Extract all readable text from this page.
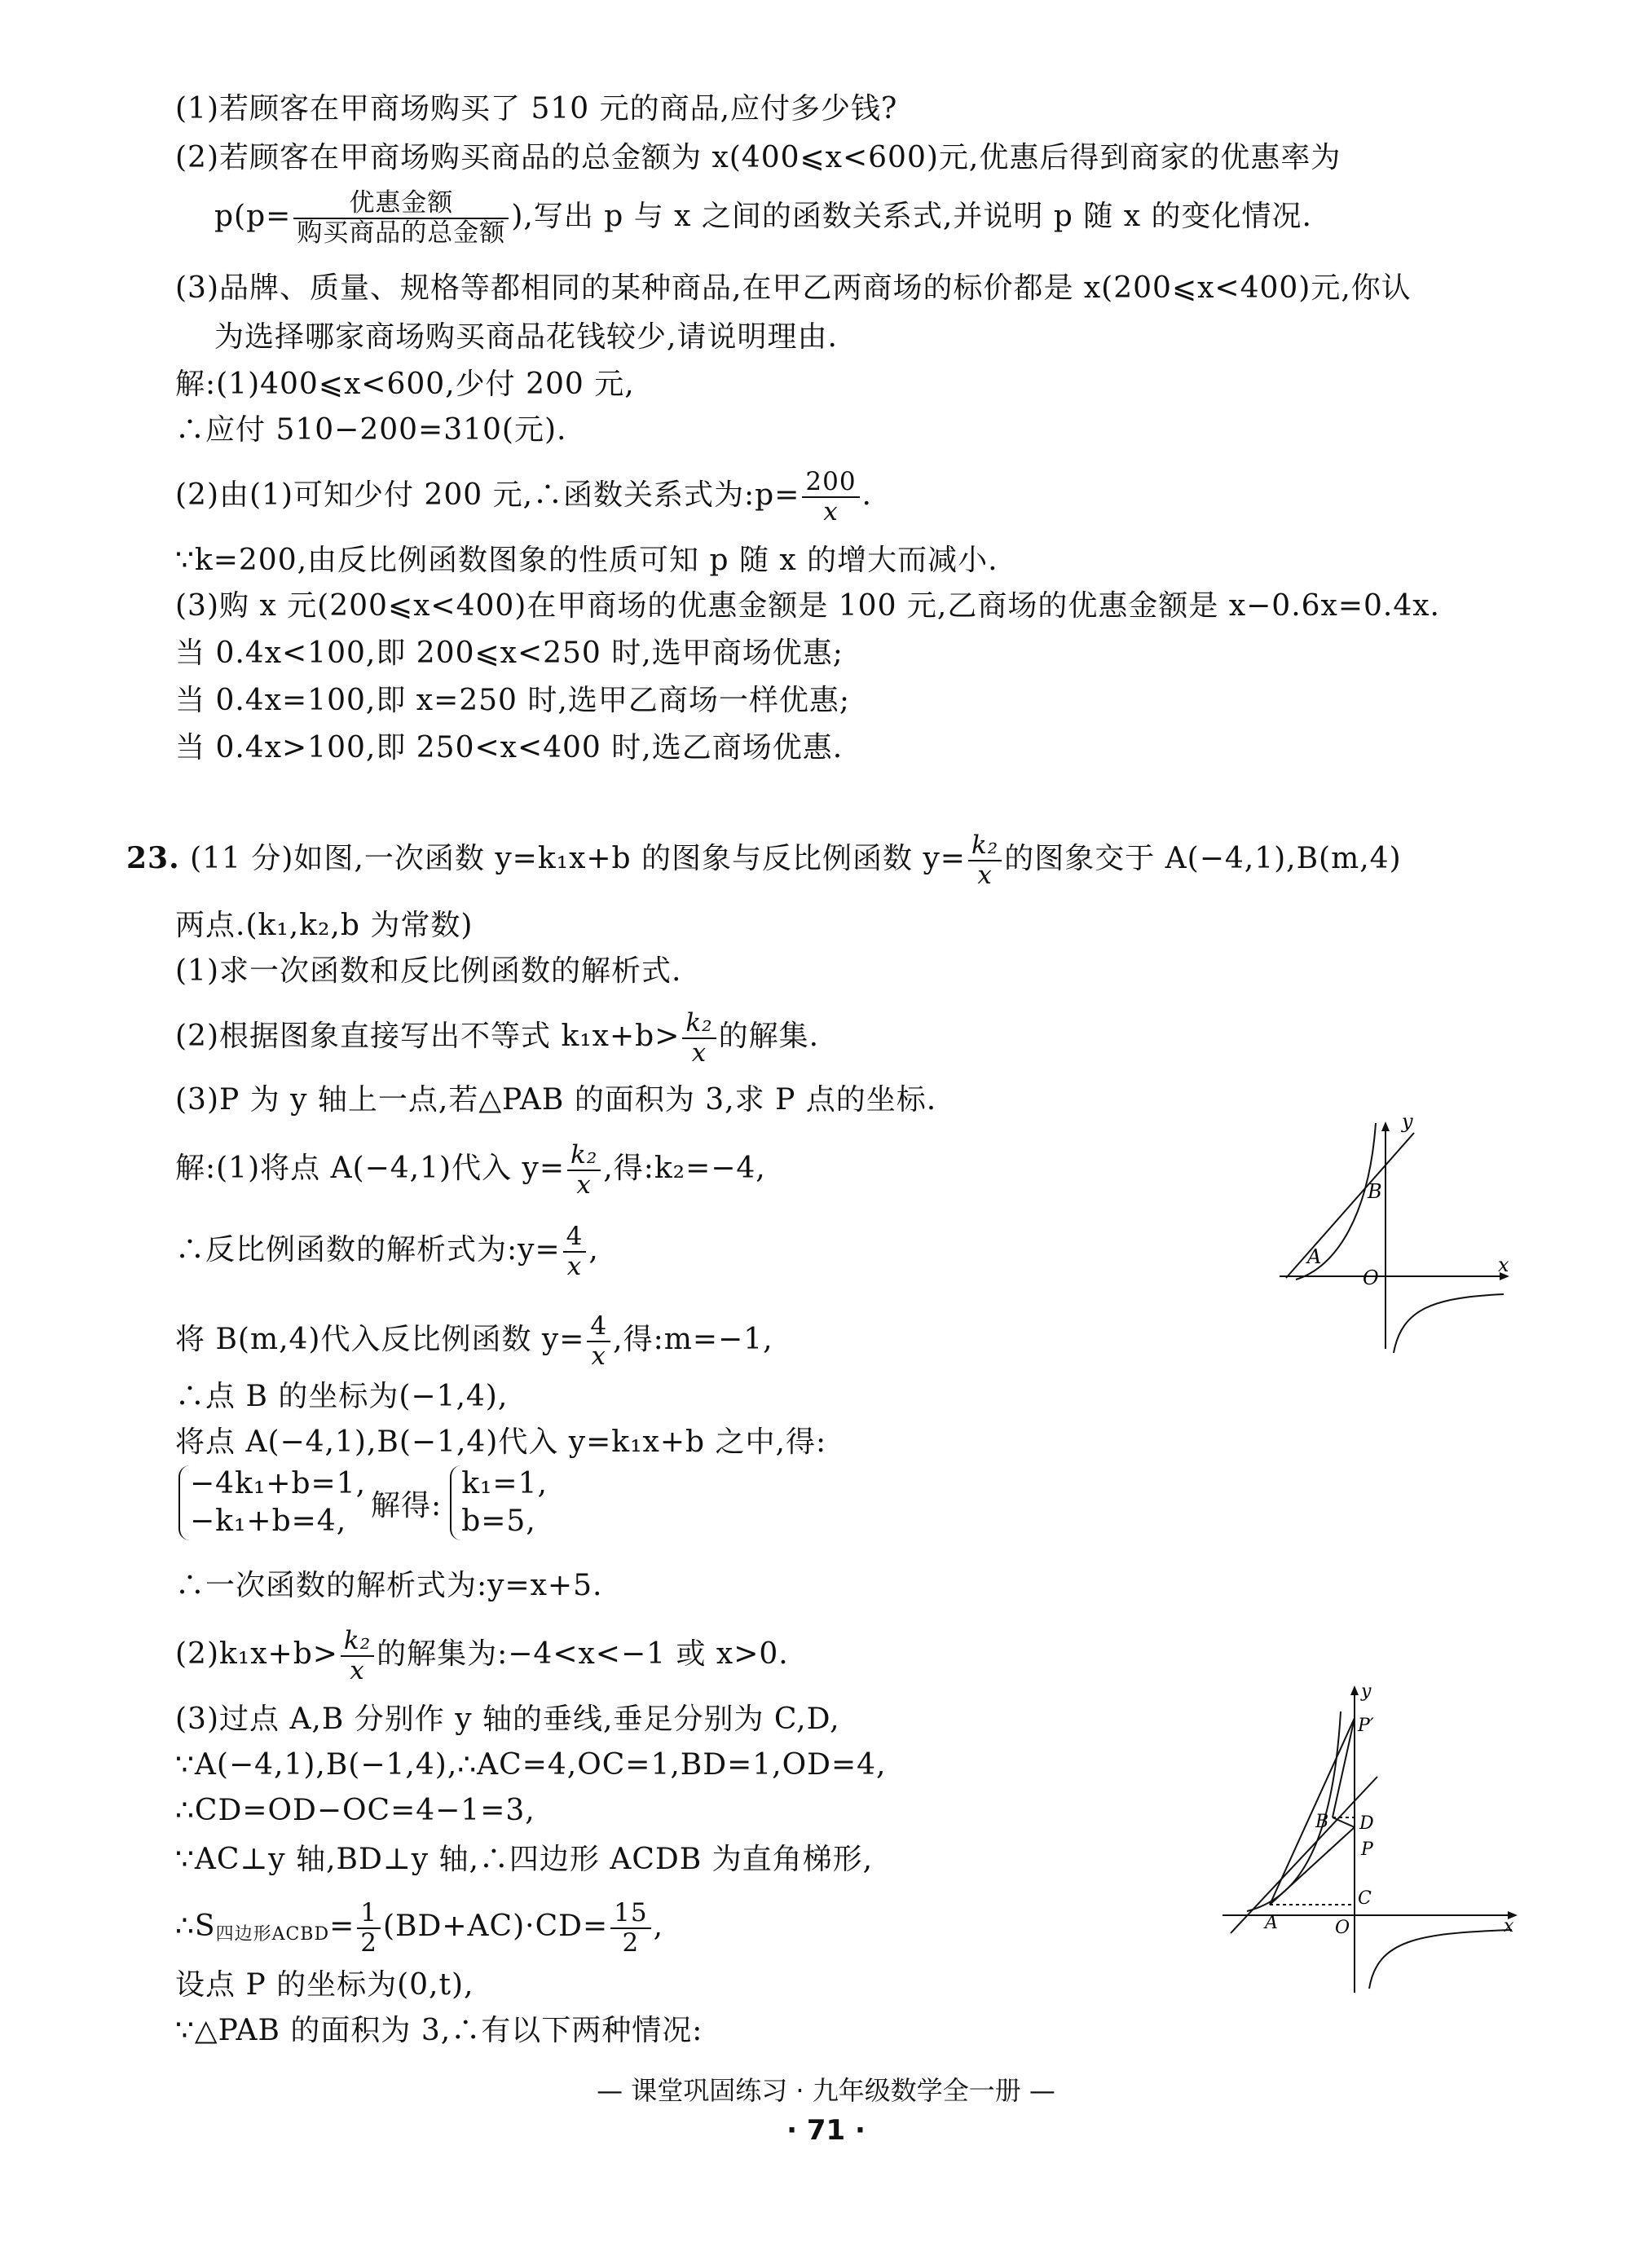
(1)若顾客在甲商场购买了 510 元的商品,应付多少钱?
(2)若顾客在甲商场购买商品的总金额为 x(400⩽x<600)元,优惠后得到商家的优惠率为
$p(p= \frac{\text{优惠金额}}{\text{购买商品的总金额}}$ ),写出 p 与 x 之间的函数关系式,并说明 p 随 x 的变化情况.
(3)品牌、质量、规格等都相同的某种商品,在甲乙两商场的标价都是 x(200⩽x<400)元,你认
为选择哪家商场购买商品花钱较少,请说明理由.
解:(1)400⩽x<600,少付 200 元,
∴应付 510−200=310(元).
(2)由(1)可知少付 200 元,∴函数关系式为:p= $\frac{200}{x}$ .
∵k=200,由反比例函数图象的性质可知 p 随 x 的增大而减小.
(3)购 x 元(200⩽x<400)在甲商场的优惠金额是 100 元,乙商场的优惠金额是 x−0.6x=0.4x.
当 0.4x<100,即 200⩽x<250 时,选甲商场优惠;
当 0.4x=100,即 x=250 时,选甲乙商场一样优惠;
当 0.4x>100,即 250<x<400 时,选乙商场优惠.
23. (11 分)如图,一次函数 y=k₁x+b 的图象与反比例函数 $y= \frac{\text{k₂}}{x}$ 的图象交于 A(−4,1),B(m,4)
两点.(k₁,k₂,b 为常数)
(1)求一次函数和反比例函数的解析式.
(2)根据图象直接写出不等式 $k_1x+b> \frac{\text{k₂}}{x}$ 的解集.
(3)P 为 y 轴上一点,若△PAB 的面积为 3,求 P 点的坐标.
解:(1)将点 A(−4,1)代入 $y= \frac{\text{k₂}}{x}$ ,得:k₂=−4,
∴反比例函数的解析式为:y= $\frac{4}{x}$ ,
将 B(m,4)代入反比例函数 $y= \frac{4}{x}$ ,得:m=−1,
∴点 B 的坐标为(−1,4),
将点 A(−4,1),B(−1,4)代入 y=k₁x+b 之中,得:
−4k₁+b=1,
−k₁+b=4, 解得:
k₁=1,
b=5,
∴一次函数的解析式为:y=x+5.
$(2)k_1x+b> \frac{\text{k₂}}{x}$ 的解集为:−4<x<−1 或 x>0.
(3)过点 A,B 分别作 y 轴的垂线,垂足分别为 C,D,
∵A(−4,1),B(−1,4),∴AC=4,OC=1,BD=1,OD=4,
∴CD=OD−OC=4−1=3,
∵AC⊥y 轴,BD⊥y 轴,∴四边形 ACDB 为直角梯形,
$\therefore S_{四边形ACBD}= \frac{1}{2} (BD+AC)\cdot CD= \frac{15}{2}$ ,
设点 P 的坐标为(0,t),
∵△PAB 的面积为 3,∴有以下两种情况:
y
x
B
A
O
y
x
P′
D
B
P
C
A	O
— 课堂巩固练习 · 九年级数学全一册 —
· 71 ·
